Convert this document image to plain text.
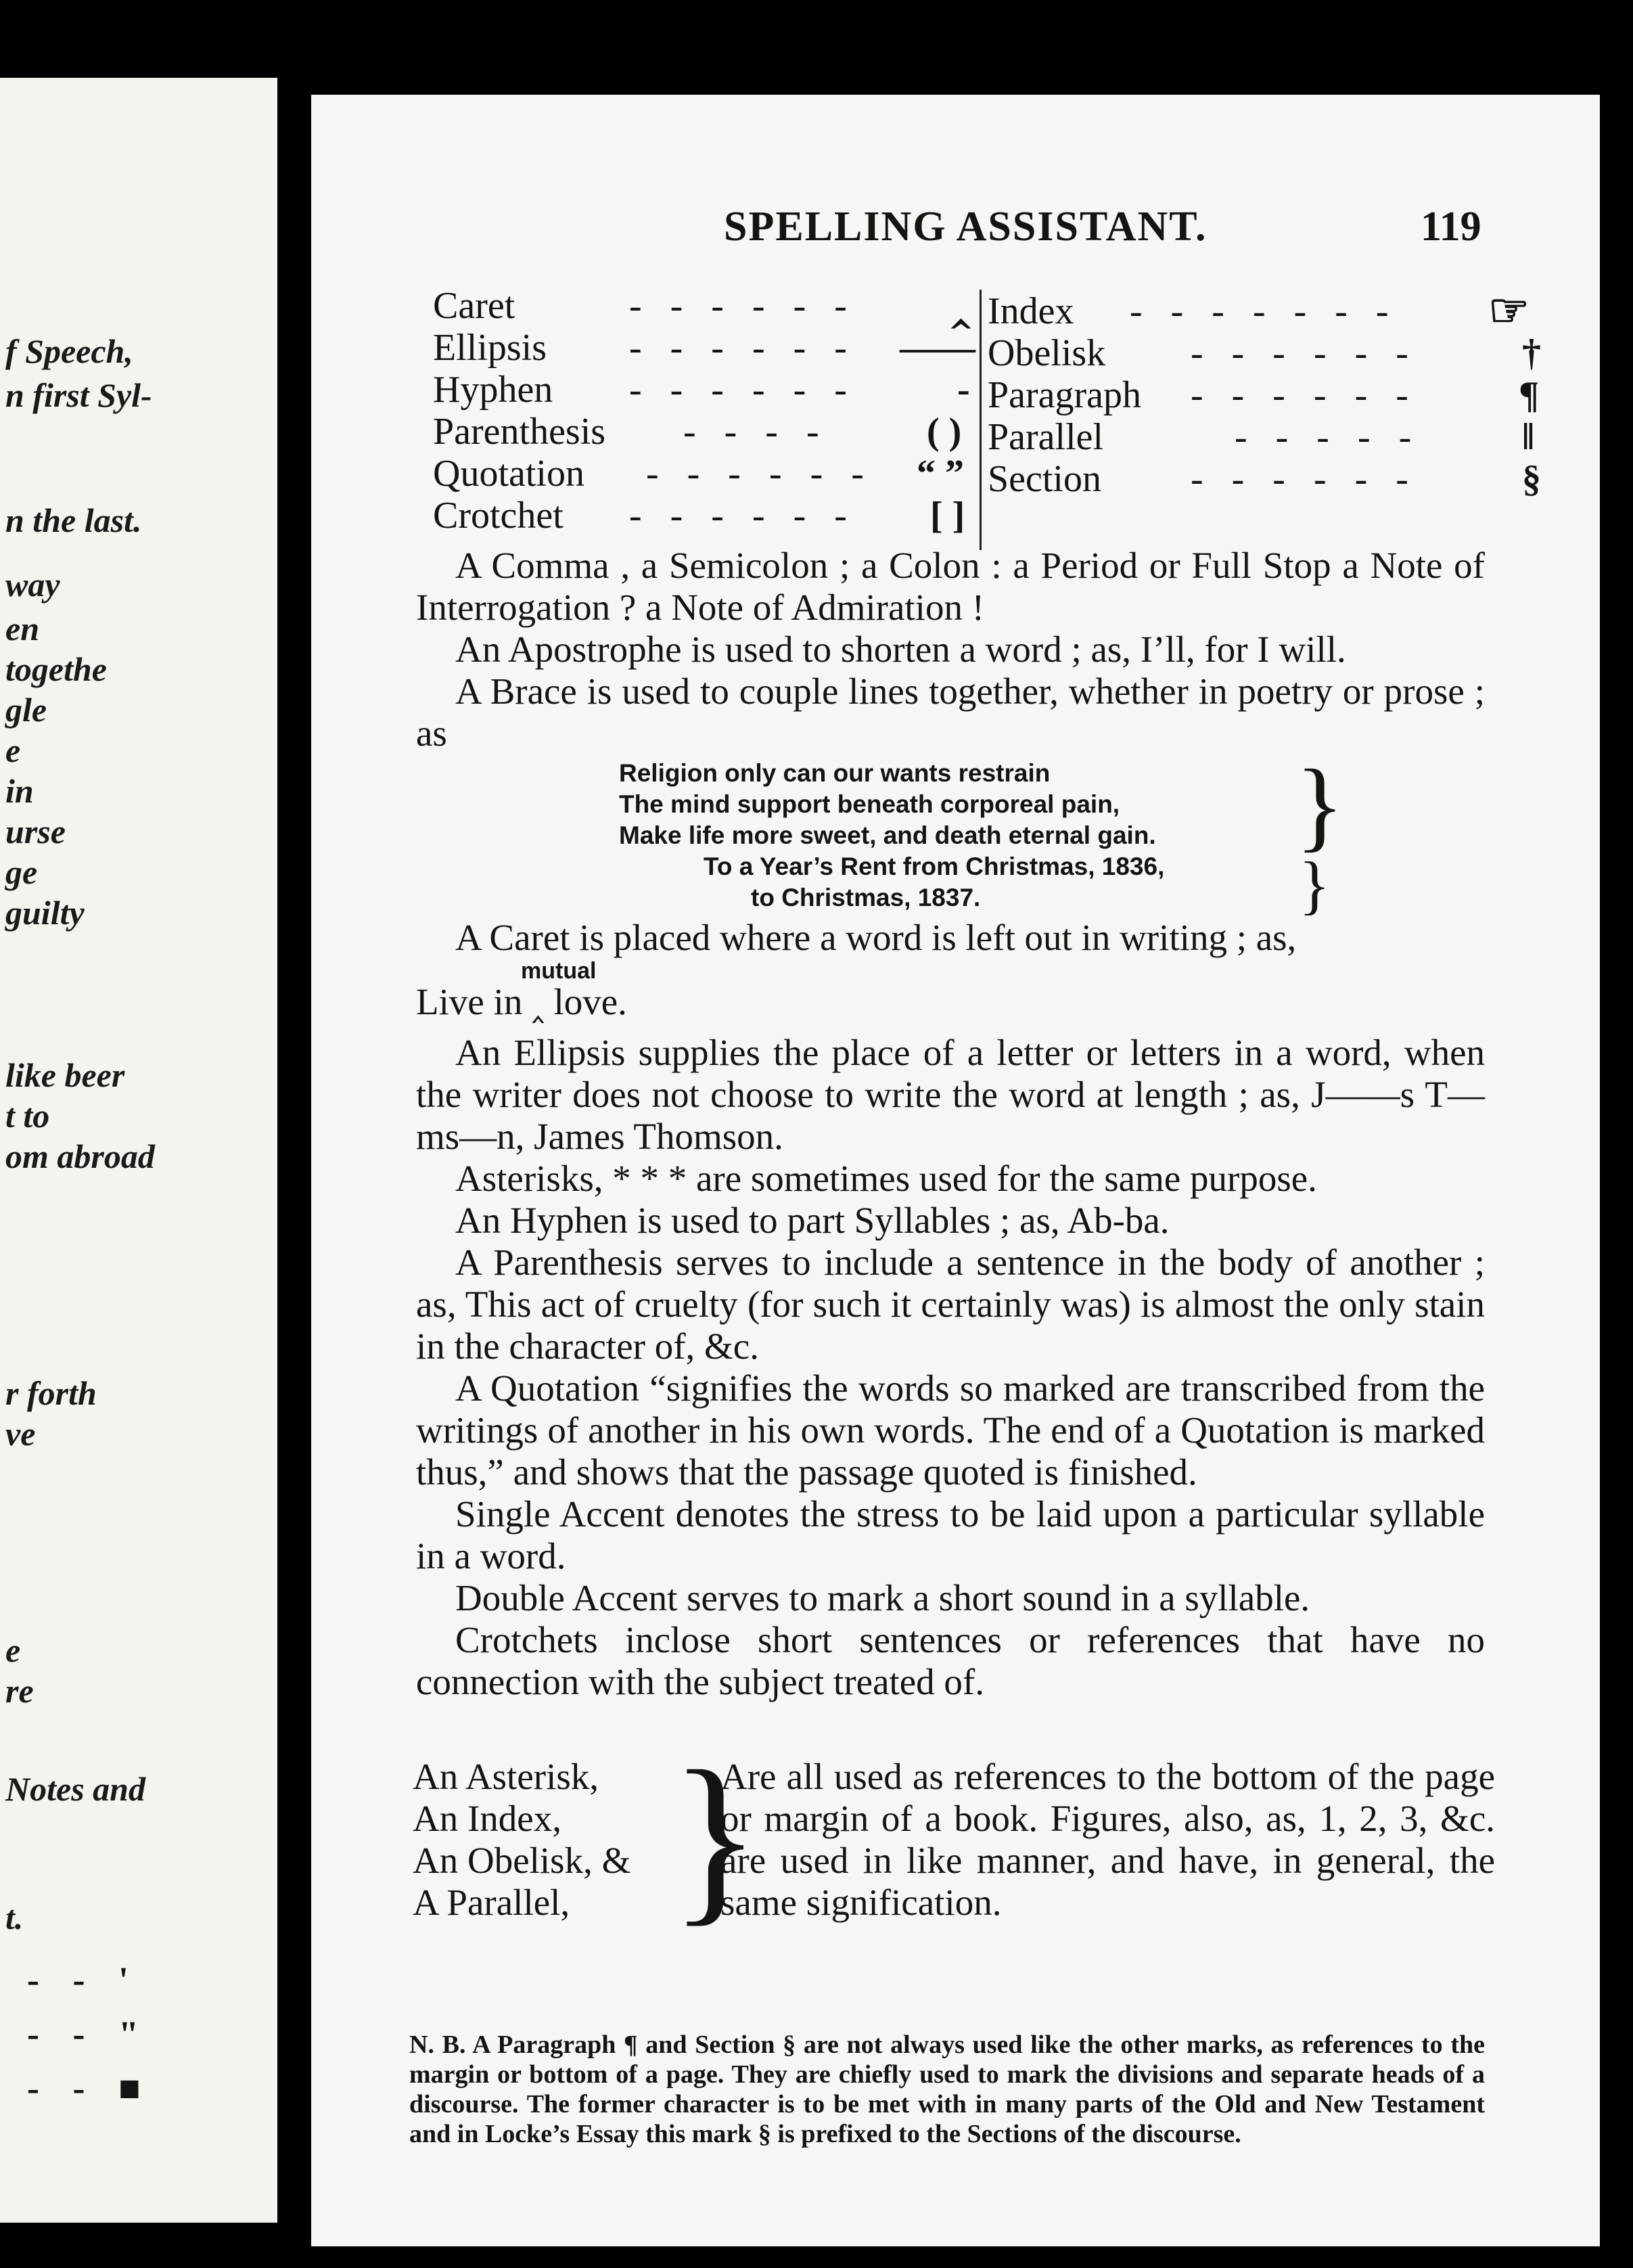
f Speech,
n first Syl-
n the last.
way
en
togethe
gle
e
in
urse
ge
guilty
like beer
t to
om abroad
r forth
ve
e
re
Notes and
t.
- - '
- - "
- - ■
SPELLING ASSISTANT.	119
Caret	- - - - - - ‸
Ellipsis - - - - - - ——
Hyphen - - - - - -	-
Parenthesis - - - -	( )
Quotation - - - - - - “ ”
Crotchet - - - - - - [ ]
Index - - - - - - - ☞
Obelisk - - - - - -	†
Paragraph - - - - - -	¶
Parallel	- - - - -	‖
Section - - - - - -	§

A Comma , a Semicolon ; a Colon : a Period or Full Stop a Note of Interrogation ? a Note of Admiration !

An Apostrophe is used to shorten a word ; as, I’ll, for I will.

A Brace is used to couple lines together, whether in poetry or prose ; as

Religion only can our wants restrain
The mind support beneath corporeal pain,
Make life more sweet, and death eternal gain. }
To a Year’s Rent from Christmas, 1836,
to Christmas, 1837.	}

A Caret is placed where a word is left out in writing ; as,

mutual

Live in ‸ love.

An Ellipsis supplies the place of a letter or letters in a word, when the writer does not choose to write the word at length ; as, J——s T—ms—n, James Thomson.

Asterisks, * * * are sometimes used for the same purpose.

An Hyphen is used to part Syllables ; as, Ab-ba.

A Parenthesis serves to include a sentence in the body of another ; as, This act of cruelty (for such it certainly was) is almost the only stain in the character of, &c.

A Quotation “signifies the words so marked are transcribed from the writings of another in his own words. The end of a Quotation is marked thus,” and shows that the passage quoted is finished.

Single Accent denotes the stress to be laid upon a particular syllable in a word.

Double Accent serves to mark a short sound in a syllable.

Crotchets inclose short sentences or references that have no connection with the subject treated of.

An Asterisk,
An Index,
An Obelisk, &
A Parallel, }
Are all used as references to the bottom of the page or margin of a book. Figures, also, as, 1, 2, 3, &c. are used in like manner, and have, in general, the same signification.
N. B. A Paragraph ¶ and Section § are not always used like the other marks, as references to the margin or bottom of a page. They are chiefly used to mark the divisions and separate heads of a discourse. The former character is to be met with in many parts of the Old and New Testament and in Locke’s Essay this mark § is prefixed to the Sections of the discourse.
